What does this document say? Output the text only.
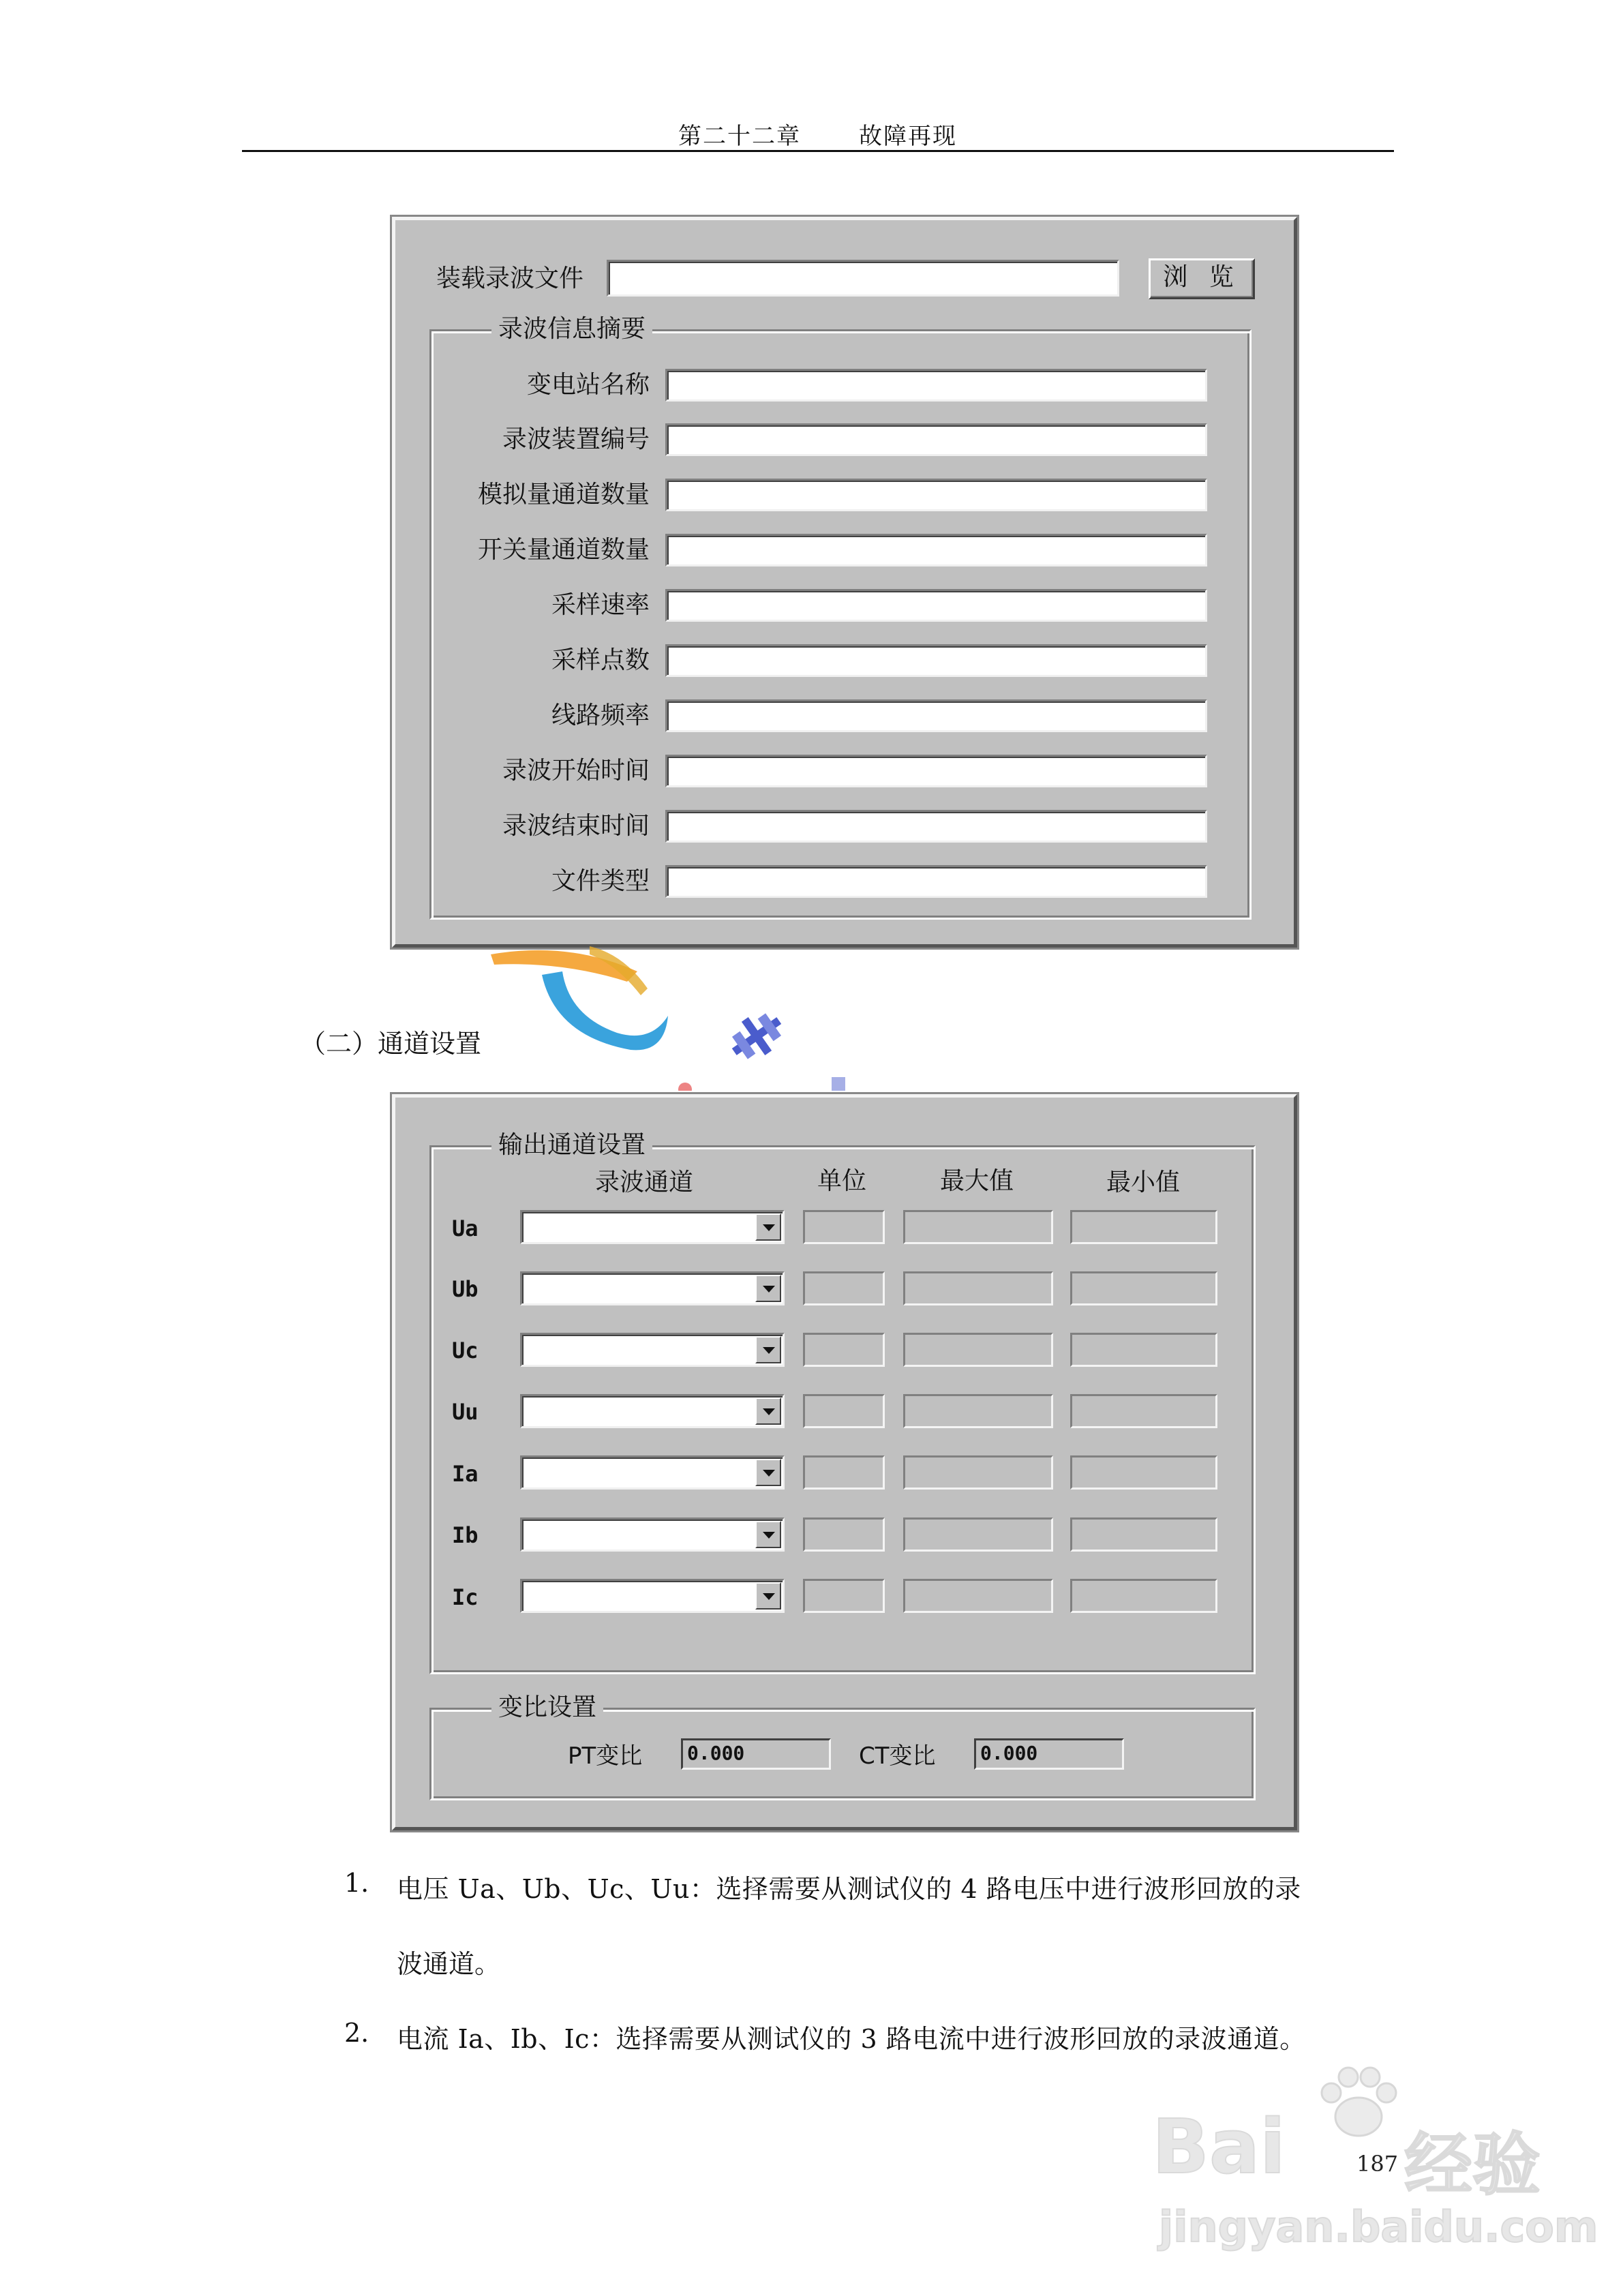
第二十二章	故障再现
装载录波文件	浏 览
录波信息摘要
变电站名称
录波装置编号
模拟量通道数量
开关量通道数量
采样速率
采样点数
线路频率
录波开始时间
录波结束时间
文件类型
（二）通道设置
输出通道设置
录波通道	单位	最大值	最小值
Ua
Ub
Uc
Uu
Ia
Ib
Ic
变比设置
PT变比	0.000	CT变比	0.000
1. 电压 Ua、Ub、Uc、Uu：选择需要从测试仪的 4 路电压中进行波形回放的录
波通道。
2. 电流 Ia、Ib、Ic：选择需要从测试仪的 3 路电流中进行波形回放的录波通道。
Bai 经验
jingyan.baidu.com
187
